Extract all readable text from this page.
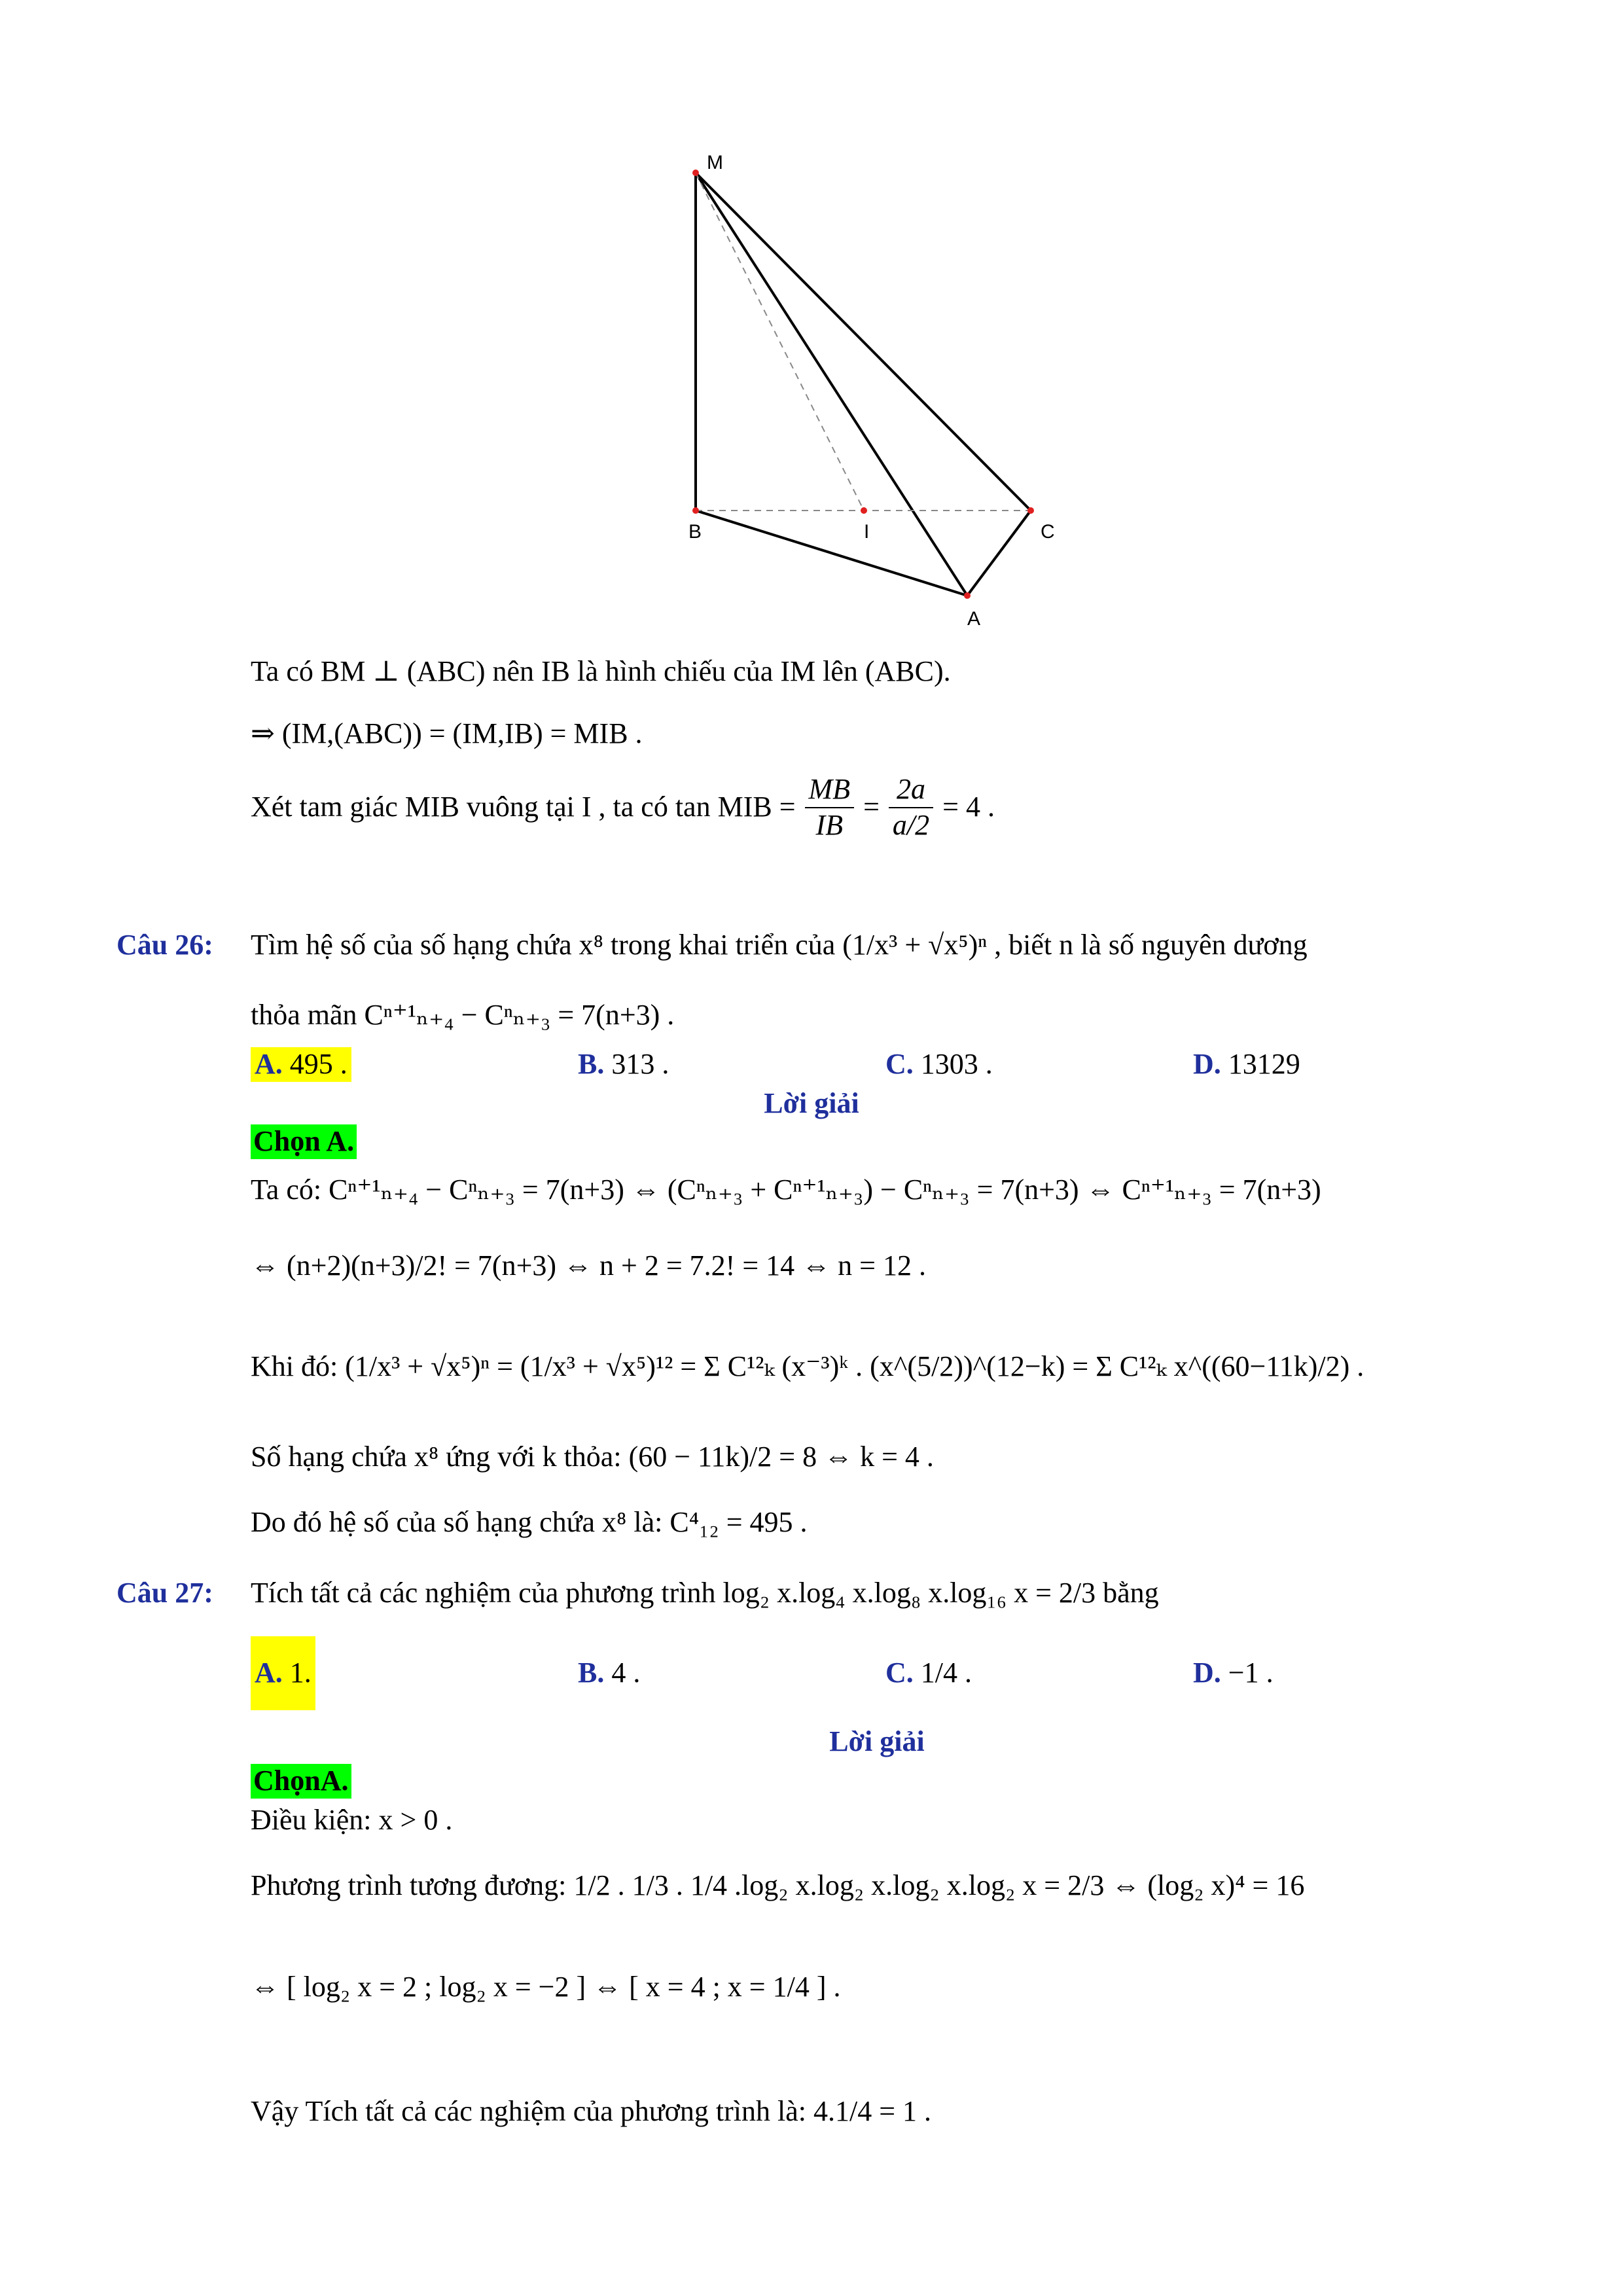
M
B	I	C
A
Ta có BM ⊥ (ABC) nên IB là hình chiếu của IM lên (ABC).
⇒ (IM,(ABC)) = (IM,IB) = MIB .
Xét tam giác MIB vuông tại I , ta có tan MIB = $\frac{MB}{IB} = \frac{2a}{a/2} = 4$ .
Câu 26: Tìm hệ số của số hạng chứa x⁸ trong khai triển của (1/x³ + √x⁵)ⁿ , biết n là số nguyên dương
thỏa mãn Cⁿ⁺¹ₙ₊₄ − Cⁿₙ₊₃ = 7(n+3) .
A. 495 .	B. 313 .	C. 1303 .	D. 13129
Lời giải
Chọn A.
Ta có: Cⁿ⁺¹ₙ₊₄ − Cⁿₙ₊₃ = 7(n+3) ⇔ (Cⁿₙ₊₃ + Cⁿ⁺¹ₙ₊₃) − Cⁿₙ₊₃ = 7(n+3) ⇔ Cⁿ⁺¹ₙ₊₃ = 7(n+3)
⇔ (n+2)(n+3)/2! = 7(n+3) ⇔ n + 2 = 7.2! = 14 ⇔ n = 12 .
Khi đó: (1/x³ + √x⁵)ⁿ = (1/x³ + √x⁵)¹² = Σ C¹²ₖ (x⁻³)ᵏ . (x^(5/2))^(12−k) = Σ C¹²ₖ x^((60−11k)/2) .
Số hạng chứa x⁸ ứng với k thỏa: (60 − 11k)/2 = 8 ⇔ k = 4 .
Do đó hệ số của số hạng chứa x⁸ là: C⁴₁₂ = 495 .
Câu 27: Tích tất cả các nghiệm của phương trình log₂ x.log₄ x.log₈ x.log₁₆ x = 2/3 bằng
A. 1.	B. 4 .	C. 1/4 .	D. −1 .
Lời giải
ChọnA.
Điều kiện: x > 0 .
Phương trình tương đương: 1/2 . 1/3 . 1/4 .log₂ x.log₂ x.log₂ x.log₂ x = 2/3 ⇔ (log₂ x)⁴ = 16
⇔ [ log₂ x = 2 ; log₂ x = −2 ] ⇔ [ x = 4 ; x = 1/4 ] .
Vậy Tích tất cả các nghiệm của phương trình là: 4.1/4 = 1 .
